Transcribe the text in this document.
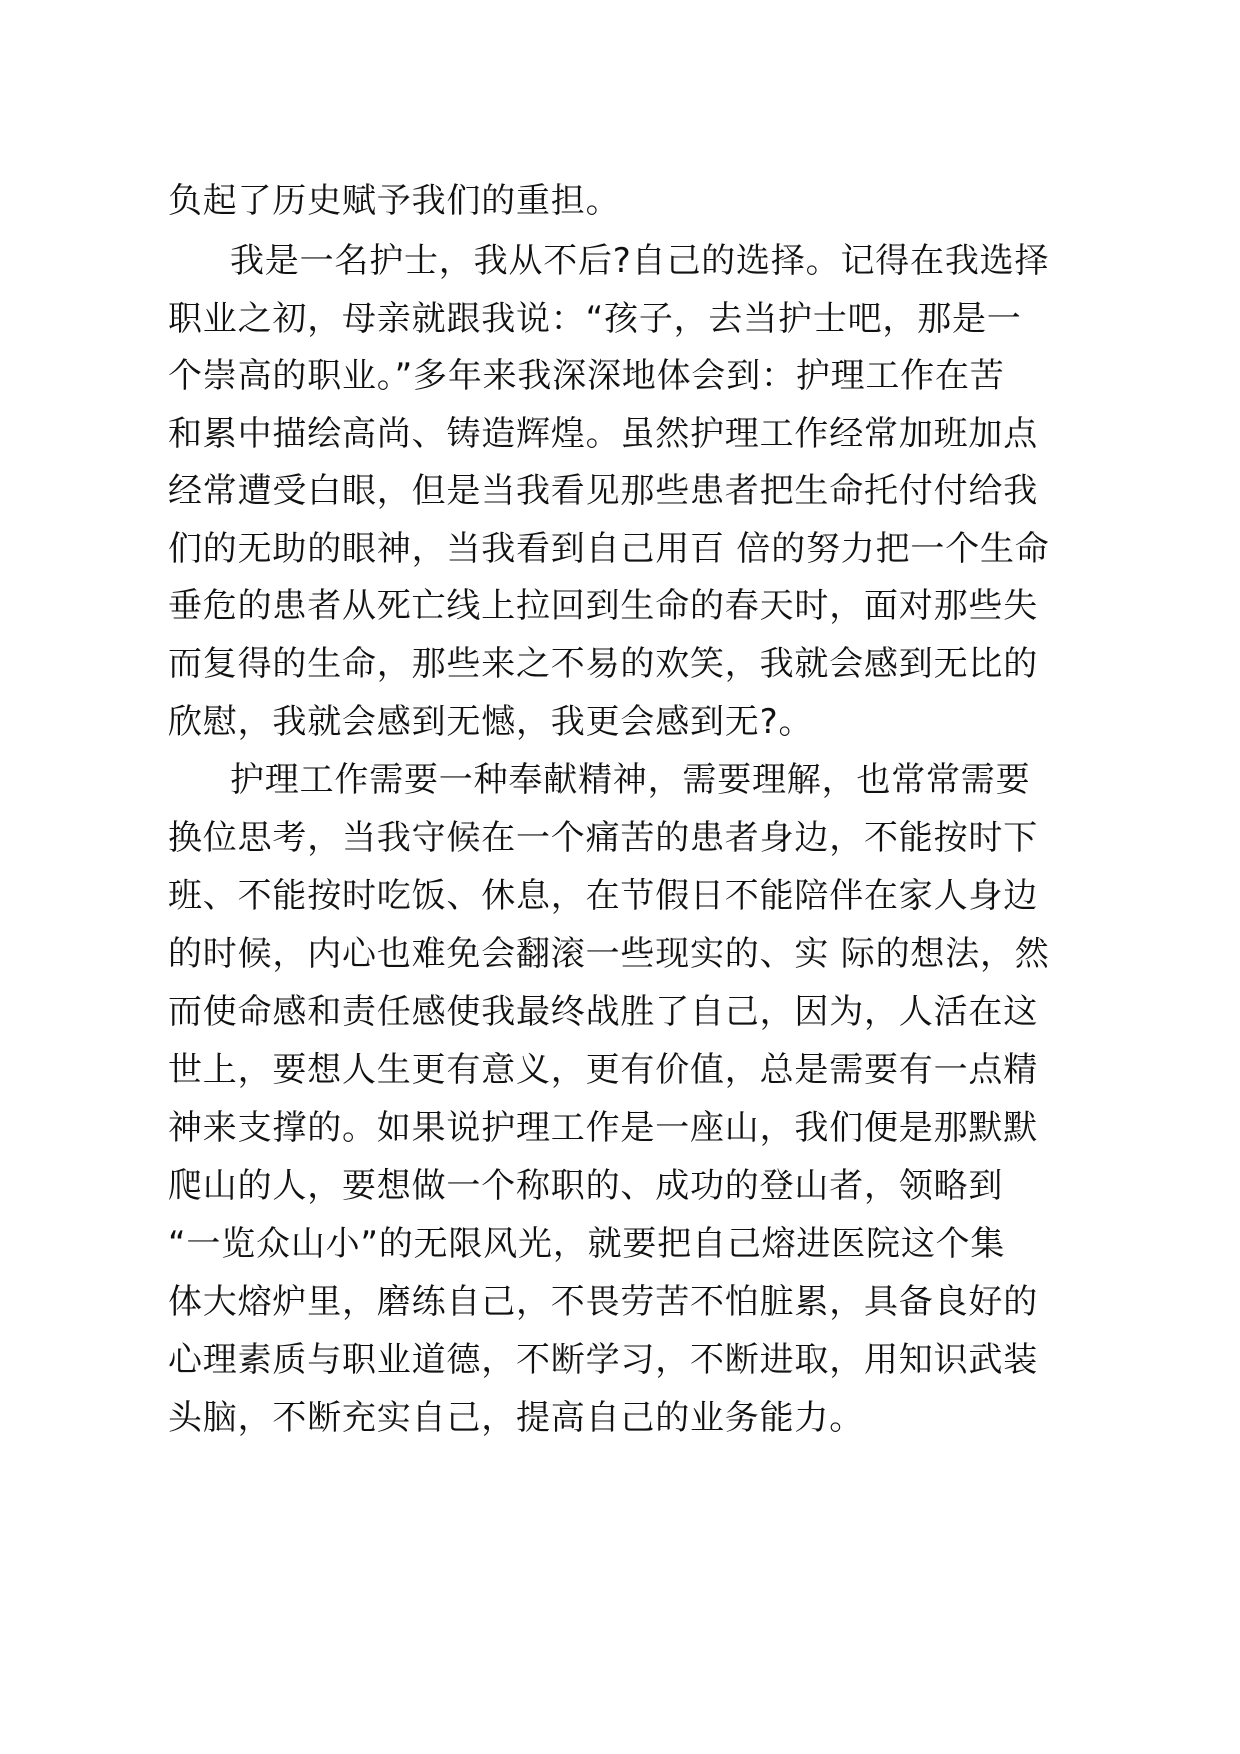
负起了历史赋予我们的重担。
我是一名护士，我从不后?自己的选择。记得在我选择
职业之初，母亲就跟我说：“孩子，去当护士吧，那是一
个崇高的职业。”多年来我深深地体会到：护理工作在苦
和累中描绘高尚、铸造辉煌。虽然护理工作经常加班加点
经常遭受白眼，但是当我看见那些患者把生命托付付给我
们的无助的眼神，当我看到自己用百 倍的努力把一个生命
垂危的患者从死亡线上拉回到生命的春天时，面对那些失
而复得的生命，那些来之不易的欢笑，我就会感到无比的
欣慰，我就会感到无憾，我更会感到无?。
护理工作需要一种奉献精神，需要理解，也常常需要
换位思考，当我守候在一个痛苦的患者身边，不能按时下
班、不能按时吃饭、休息，在节假日不能陪伴在家人身边
的时候，内心也难免会翻滚一些现实的、实 际的想法，然
而使命感和责任感使我最终战胜了自己，因为，人活在这
世上，要想人生更有意义，更有价值，总是需要有一点精
神来支撑的。如果说护理工作是一座山，我们便是那默默
爬山的人，要想做一个称职的、成功的登山者，领略到
“一览众山小”的无限风光，就要把自己熔进医院这个集
体大熔炉里，磨练自己，不畏劳苦不怕脏累，具备良好的
心理素质与职业道德，不断学习，不断进取，用知识武装
头脑，不断充实自己，提高自己的业务能力。
